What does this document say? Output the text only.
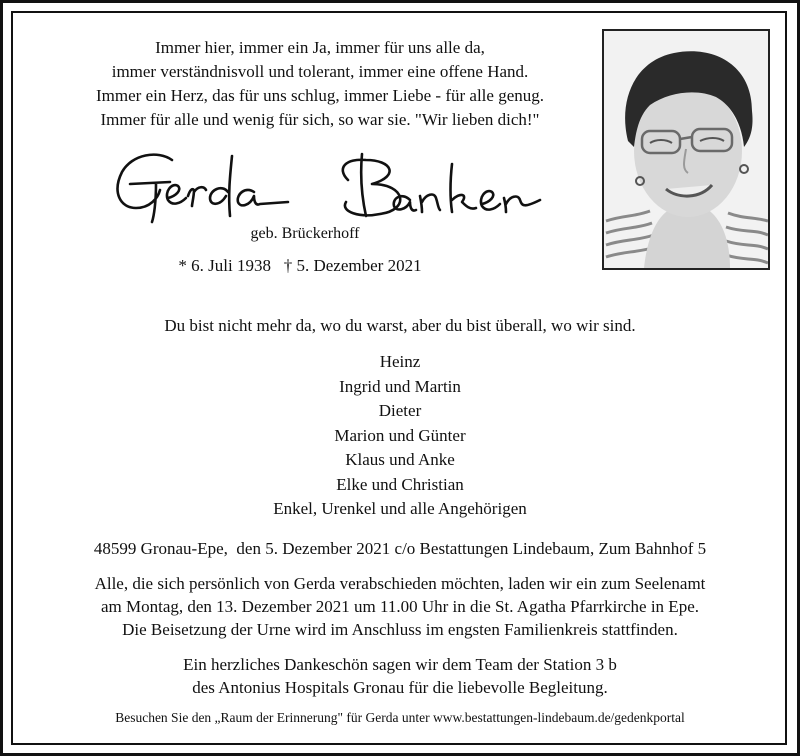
Immer hier, immer ein Ja, immer für uns alle da,
immer verständnisvoll und tolerant, immer eine offene Hand.
Immer ein Herz, das für uns schlug, immer Liebe - für alle genug.
Immer für alle und wenig für sich, so war sie. "Wir lieben dich!"
geb. Brückerhoff
* 6. Juli 1938   † 5. Dezember 2021
Du bist nicht mehr da, wo du warst, aber du bist überall, wo wir sind.
Heinz
Ingrid und Martin
Dieter
Marion und Günter
Klaus und Anke
Elke und Christian
Enkel, Urenkel und alle Angehörigen
48599 Gronau-Epe,  den 5. Dezember 2021 c/o Bestattungen Lindebaum, Zum Bahnhof 5
Alle, die sich persönlich von Gerda verabschieden möchten, laden wir ein zum Seelenamt
am Montag, den 13. Dezember 2021 um 11.00 Uhr in die St. Agatha Pfarrkirche in Epe.
Die Beisetzung der Urne wird im Anschluss im engsten Familienkreis stattfinden.
Ein herzliches Dankeschön sagen wir dem Team der Station 3 b
des Antonius Hospitals Gronau für die liebevolle Begleitung.
Besuchen Sie den „Raum der Erinnerung" für Gerda unter www.bestattungen-lindebaum.de/gedenkportal
